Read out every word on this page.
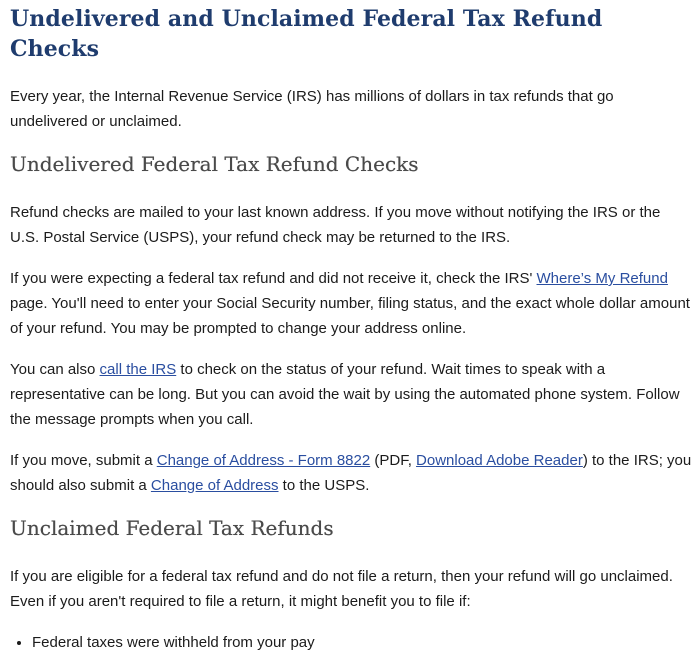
Undelivered and Unclaimed Federal Tax Refund Checks

Every year, the Internal Revenue Service (IRS) has millions of dollars in tax refunds that go undelivered or unclaimed.

Undelivered Federal Tax Refund Checks

Refund checks are mailed to your last known address. If you move without notifying the IRS or the U.S. Postal Service (USPS), your refund check may be returned to the IRS.

If you were expecting a federal tax refund and did not receive it, check the IRS' Where’s My Refund page. You'll need to enter your Social Security number, filing status, and the exact whole dollar amount of your refund. You may be prompted to change your address online.

You can also call the IRS to check on the status of your refund. Wait times to speak with a representative can be long. But you can avoid the wait by using the automated phone system. Follow the message prompts when you call.

If you move, submit a Change of Address - Form 8822 (PDF, Download Adobe Reader) to the IRS; you should also submit a Change of Address to the USPS.

Unclaimed Federal Tax Refunds

If you are eligible for a federal tax refund and do not file a return, then your refund will go unclaimed. Even if you aren't required to file a return, it might benefit you to file if:

• Federal taxes were withheld from your pay
